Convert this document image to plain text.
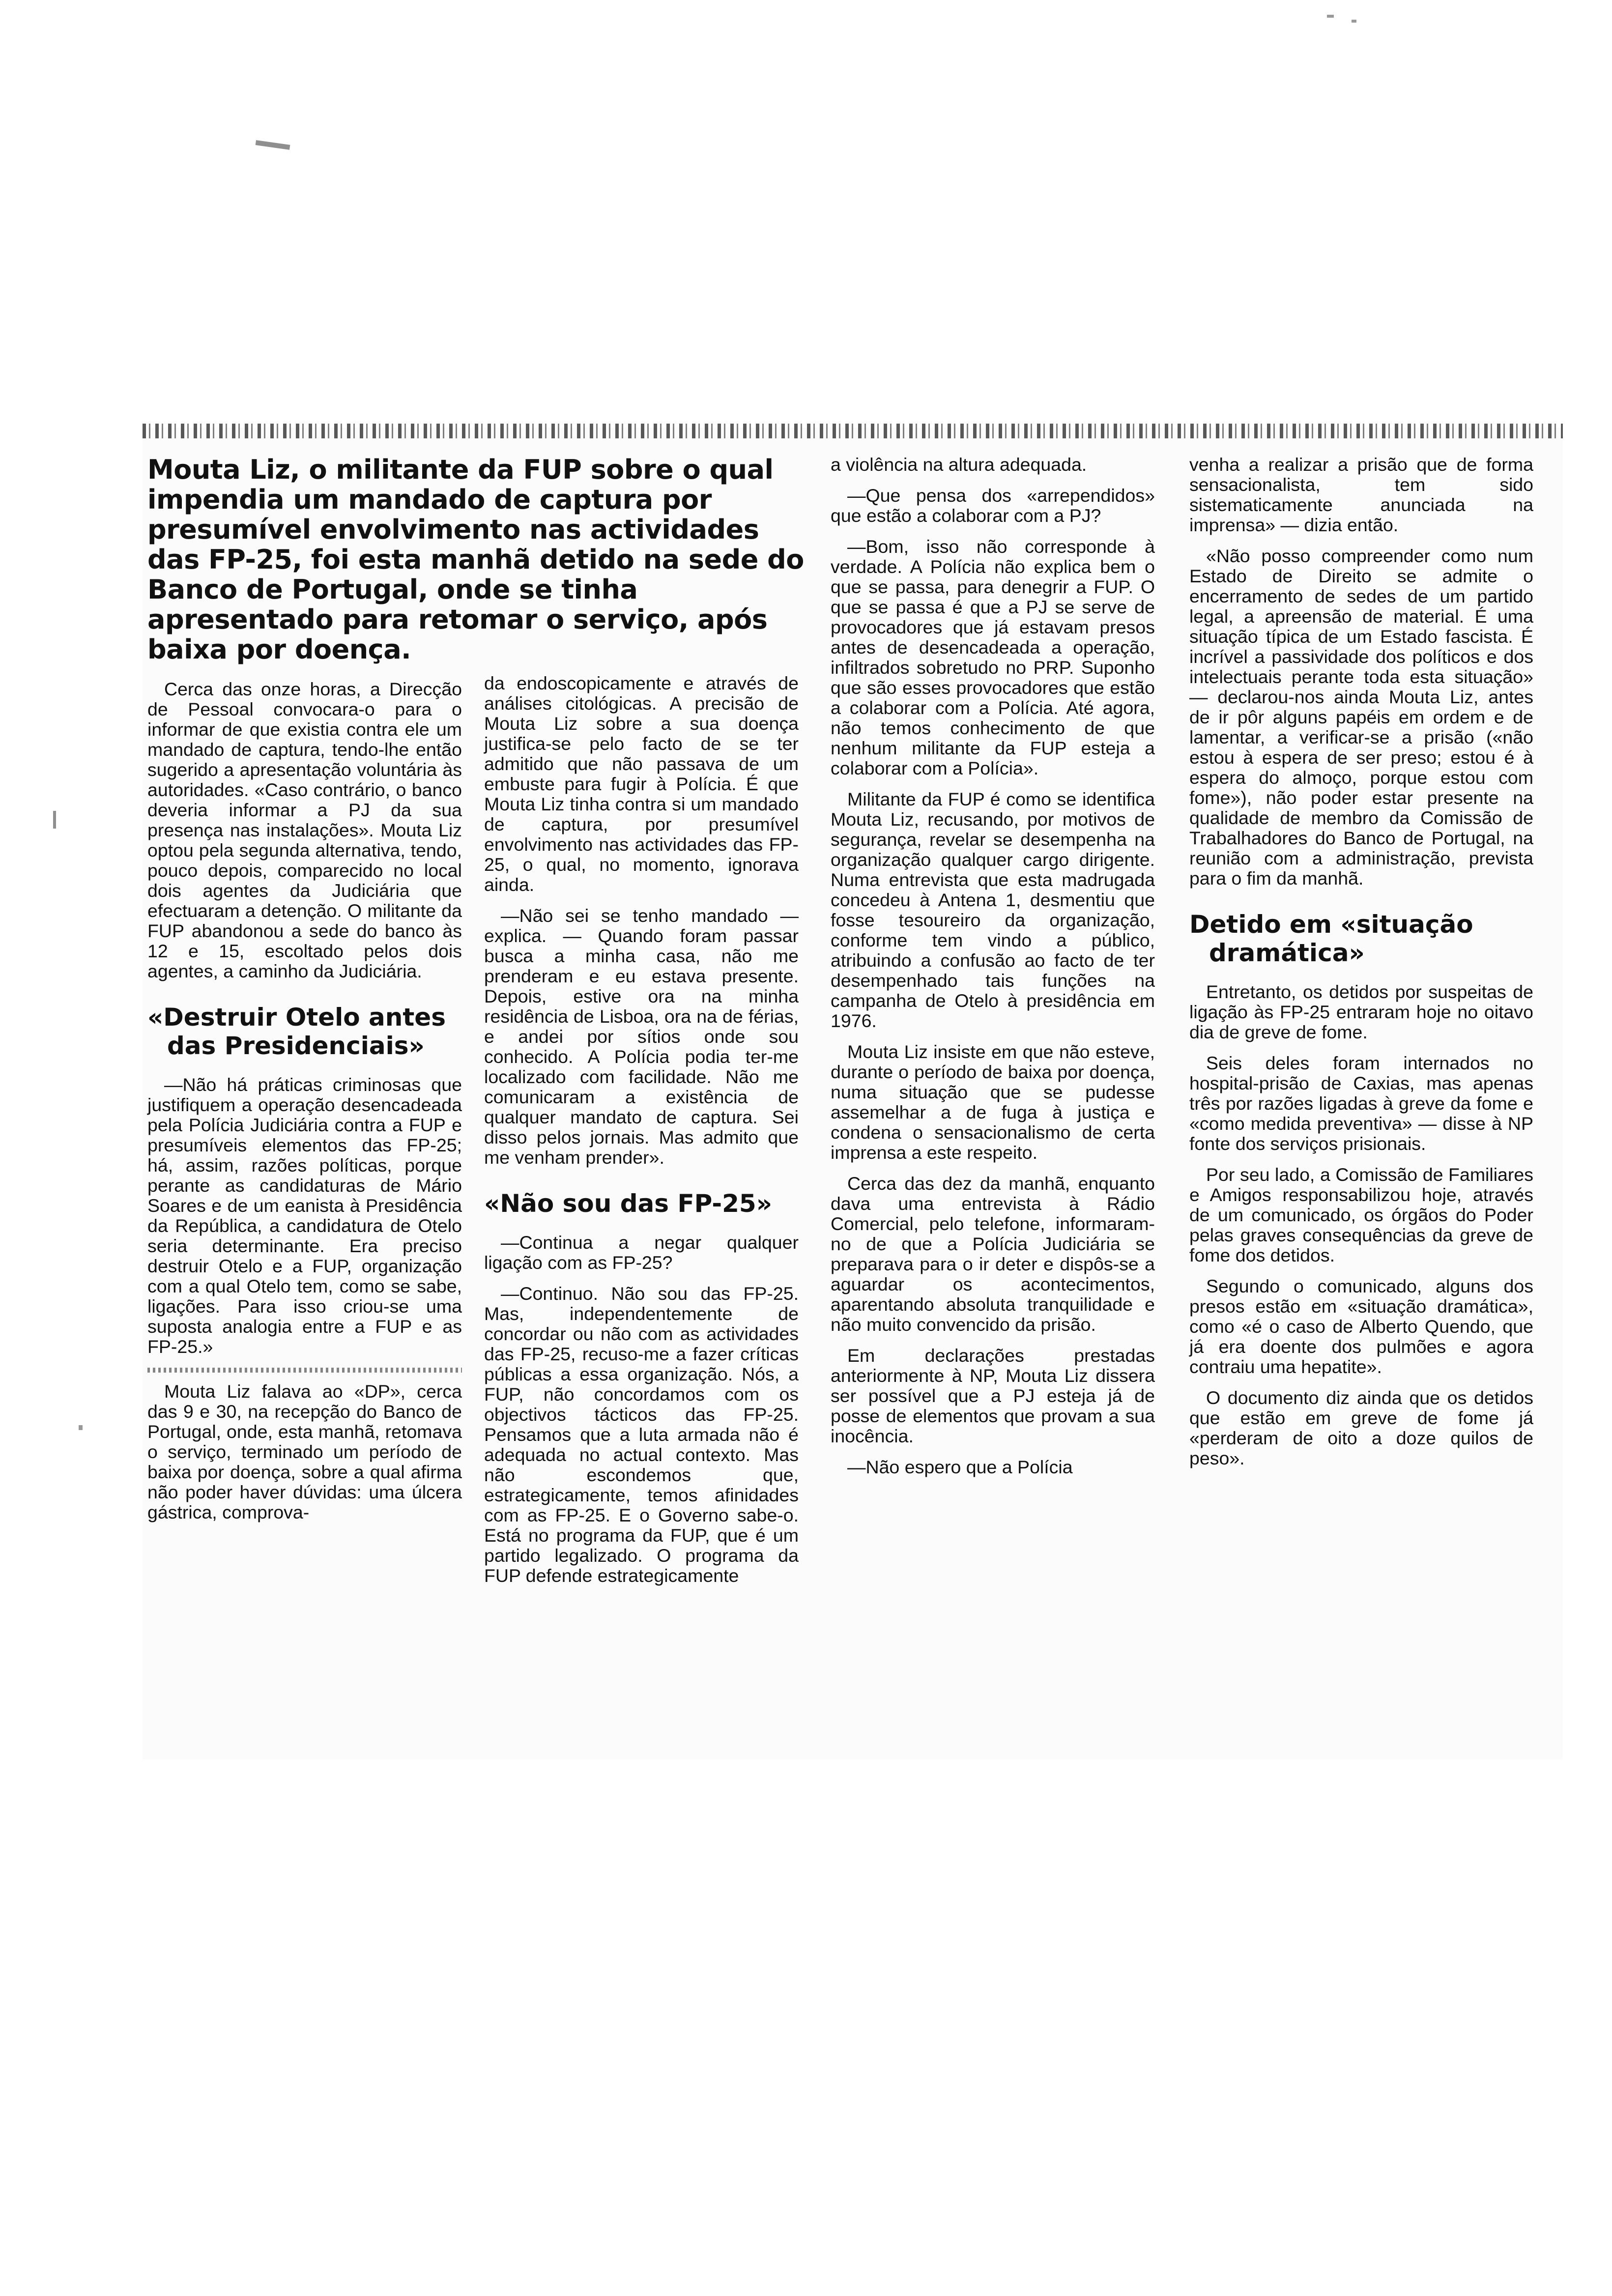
Mouta Liz, o militante da FUP sobre o qual impendia um mandado de captura por presumível envolvimento nas actividades das FP-25, foi esta manhã detido na sede do Banco de Portugal, onde se tinha apresentado para retomar o serviço, após baixa por doença.

Cerca das onze horas, a Direcção de Pessoal convocara-o para o informar de que existia contra ele um mandado de captura, tendo-lhe então sugerido a apresentação voluntária às autoridades. «Caso contrário, o banco deveria informar a PJ da sua presença nas instalações». Mouta Liz optou pela segunda alternativa, tendo, pouco depois, comparecido no local dois agentes da Judiciária que efectuaram a detenção. O militante da FUP abandonou a sede do banco às 12 e 15, escoltado pelos dois agentes, a caminho da Judiciária.

«Destruir Otelo antes
das Presidenciais»

—Não há práticas criminosas que justifiquem a operação desencadeada pela Polícia Judiciária contra a FUP e presumíveis elementos das FP-25; há, assim, razões políticas, porque perante as candidaturas de Mário Soares e de um eanista à Presidência da República, a candidatura de Otelo seria determinante. Era preciso destruir Otelo e a FUP, organização com a qual Otelo tem, como se sabe, ligações. Para isso criou-se uma suposta analogia entre a FUP e as FP-25.»

Mouta Liz falava ao «DP», cerca das 9 e 30, na recepção do Banco de Portugal, onde, esta manhã, retomava o serviço, terminado um período de baixa por doença, sobre a qual afirma não poder haver dúvidas: uma úlcera gástrica, comprova-

da endoscopicamente e através de análises citológicas. A precisão de Mouta Liz sobre a sua doença justifica-se pelo facto de se ter admitido que não passava de um embuste para fugir à Polícia. É que Mouta Liz tinha contra si um mandado de captura, por presumível envolvimento nas actividades das FP-25, o qual, no momento, ignorava ainda.

—Não sei se tenho mandado — explica. — Quando foram passar busca a minha casa, não me prenderam e eu estava presente. Depois, estive ora na minha residência de Lisboa, ora na de férias, e andei por sítios onde sou conhecido. A Polícia podia ter-me localizado com facilidade. Não me comunicaram a existência de qualquer mandato de captura. Sei disso pelos jornais. Mas admito que me venham prender».

«Não sou das FP-25»

—Continua a negar qualquer ligação com as FP-25?

—Continuo. Não sou das FP-25. Mas, independentemente de concordar ou não com as actividades das FP-25, recuso-me a fazer críticas públicas a essa organização. Nós, a FUP, não concordamos com os objectivos tácticos das FP-25. Pensamos que a luta armada não é adequada no actual contexto. Mas não escondemos que, estrategicamente, temos afinidades com as FP-25. E o Governo sabe-o. Está no programa da FUP, que é um partido legalizado. O programa da FUP defende estrategicamente

a violência na altura adequada.

—Que pensa dos «arrependidos» que estão a colaborar com a PJ?

—Bom, isso não corresponde à verdade. A Polícia não explica bem o que se passa, para denegrir a FUP. O que se passa é que a PJ se serve de provocadores que já estavam presos antes de desencadeada a operação, infiltrados sobretudo no PRP. Suponho que são esses provocadores que estão a colaborar com a Polícia. Até agora, não temos conhecimento de que nenhum militante da FUP esteja a colaborar com a Polícia».

Militante da FUP é como se identifica Mouta Liz, recusando, por motivos de segurança, revelar se desempenha na organização qualquer cargo dirigente. Numa entrevista que esta madrugada concedeu à Antena 1, desmentiu que fosse tesoureiro da organização, conforme tem vindo a público, atribuindo a confusão ao facto de ter desempenhado tais funções na campanha de Otelo à presidência em 1976.

Mouta Liz insiste em que não esteve, durante o período de baixa por doença, numa situação que se pudesse assemelhar a de fuga à justiça e condena o sensacionalismo de certa imprensa a este respeito.

Cerca das dez da manhã, enquanto dava uma entrevista à Rádio Comercial, pelo telefone, informaram-no de que a Polícia Judiciária se preparava para o ir deter e dispôs-se a aguardar os acontecimentos, aparentando absoluta tranquilidade e não muito convencido da prisão.

Em declarações prestadas anteriormente à NP, Mouta Liz dissera ser possível que a PJ esteja já de posse de elementos que provam a sua inocência.

—Não espero que a Polícia

venha a realizar a prisão que de forma sensacionalista, tem sido sistematicamente anunciada na imprensa» — dizia então.

«Não posso compreender como num Estado de Direito se admite o encerramento de sedes de um partido legal, a apreensão de material. É uma situação típica de um Estado fascista. É incrível a passividade dos políticos e dos intelectuais perante toda esta situação» — declarou-nos ainda Mouta Liz, antes de ir pôr alguns papéis em ordem e de lamentar, a verificar-se a prisão («não estou à espera de ser preso; estou é à espera do almoço, porque estou com fome»), não poder estar presente na qualidade de membro da Comissão de Trabalhadores do Banco de Portugal, na reunião com a administração, prevista para o fim da manhã.

Detido em «situação
dramática»

Entretanto, os detidos por suspeitas de ligação às FP-25 entraram hoje no oitavo dia de greve de fome.

Seis deles foram internados no hospital-prisão de Caxias, mas apenas três por razões ligadas à greve da fome e «como medida preventiva» — disse à NP fonte dos serviços prisionais.

Por seu lado, a Comissão de Familiares e Amigos responsabilizou hoje, através de um comunicado, os órgãos do Poder pelas graves consequências da greve de fome dos detidos.

Segundo o comunicado, alguns dos presos estão em «situação dramática», como «é o caso de Alberto Quendo, que já era doente dos pulmões e agora contraiu uma hepatite».

O documento diz ainda que os detidos que estão em greve de fome já «perderam de oito a doze quilos de peso».
